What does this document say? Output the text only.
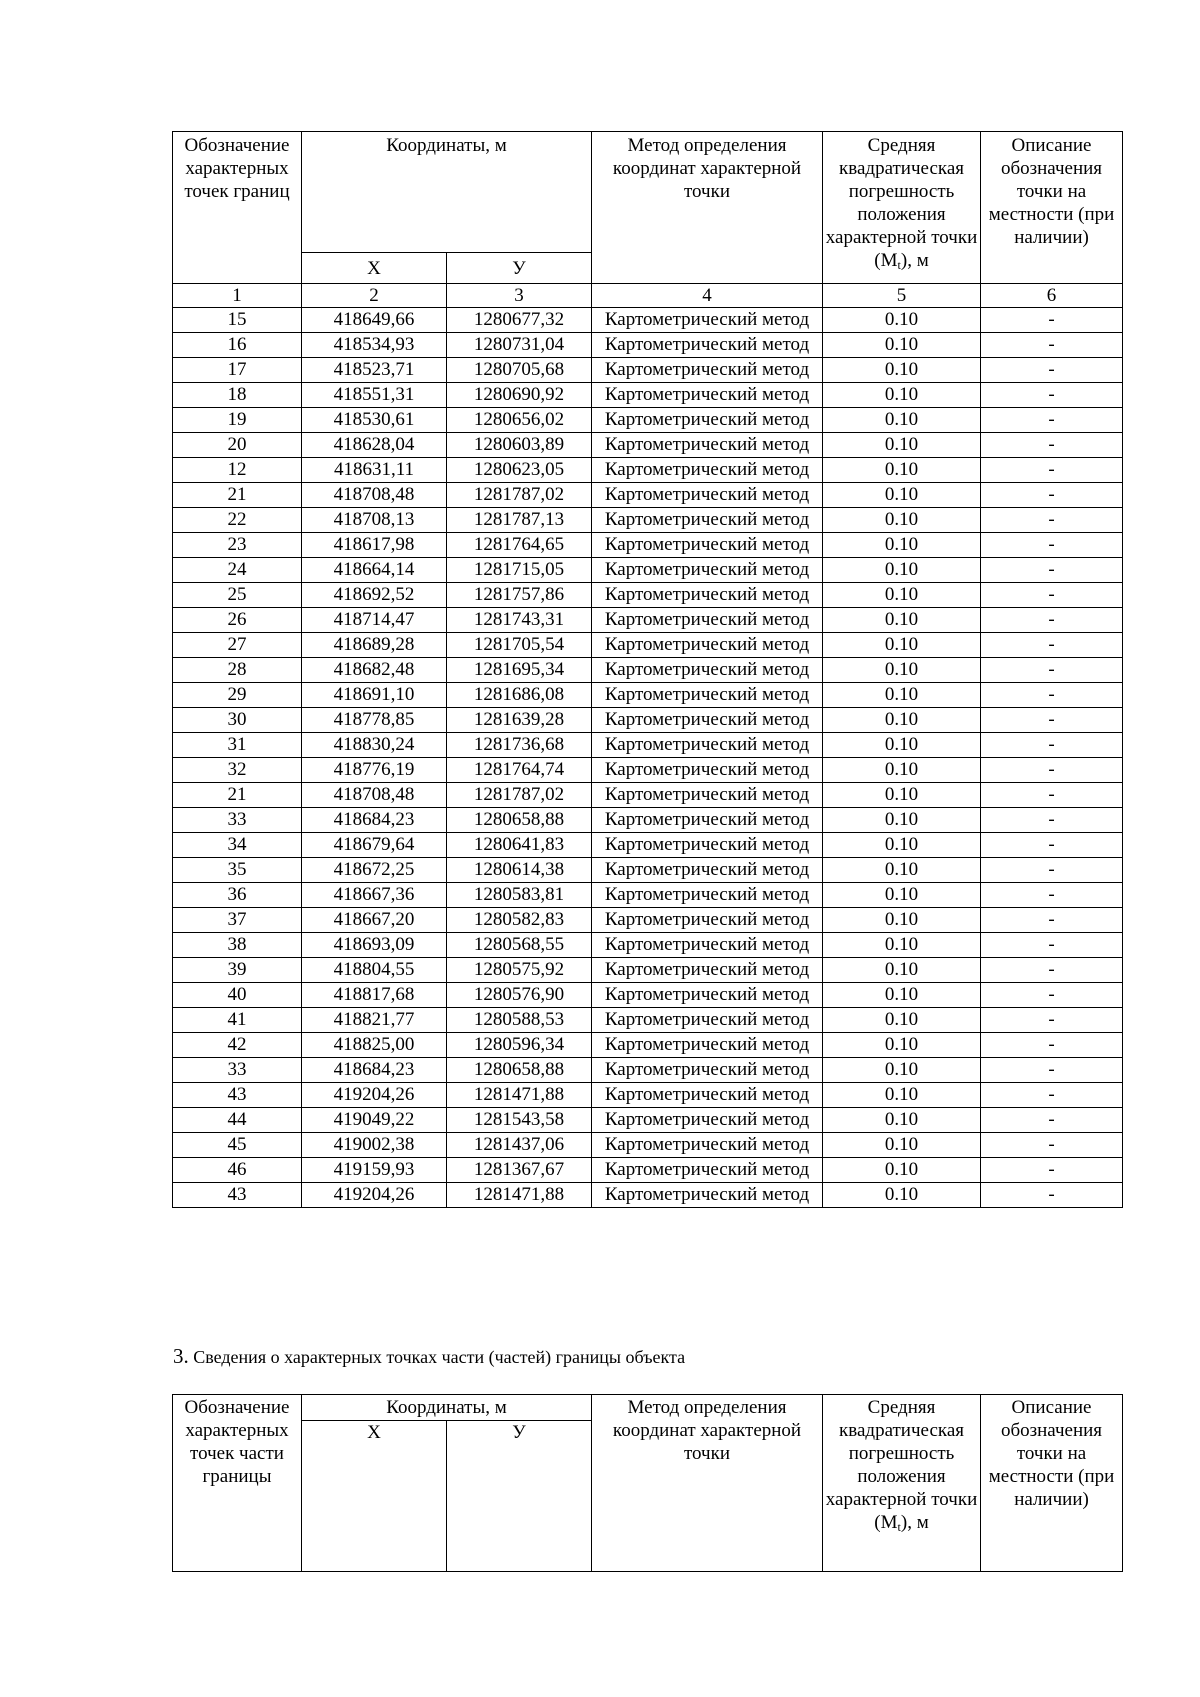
Обозначение характерных точек границ	Координаты, м		Метод определения координат характерной точки	Средняя квадратическая погрешность положения характерной точки $(M_t)$, м	Описание обозначения точки на местности (при наличии)
	Х	У			
1	2	3	4	5	6
15	418649,66	1280677,32	Картометрический метод	0.10	-
16	418534,93	1280731,04	Картометрический метод	0.10	-
17	418523,71	1280705,68	Картометрический метод	0.10	-
18	418551,31	1280690,92	Картометрический метод	0.10	-
19	418530,61	1280656,02	Картометрический метод	0.10	-
20	418628,04	1280603,89	Картометрический метод	0.10	-
12	418631,11	1280623,05	Картометрический метод	0.10	-
21	418708,48	1281787,02	Картометрический метод	0.10	-
22	418708,13	1281787,13	Картометрический метод	0.10	-
23	418617,98	1281764,65	Картометрический метод	0.10	-
24	418664,14	1281715,05	Картометрический метод	0.10	-
25	418692,52	1281757,86	Картометрический метод	0.10	-
26	418714,47	1281743,31	Картометрический метод	0.10	-
27	418689,28	1281705,54	Картометрический метод	0.10	-
28	418682,48	1281695,34	Картометрический метод	0.10	-
29	418691,10	1281686,08	Картометрический метод	0.10	-
30	418778,85	1281639,28	Картометрический метод	0.10	-
31	418830,24	1281736,68	Картометрический метод	0.10	-
32	418776,19	1281764,74	Картометрический метод	0.10	-
21	418708,48	1281787,02	Картометрический метод	0.10	-
33	418684,23	1280658,88	Картометрический метод	0.10	-
34	418679,64	1280641,83	Картометрический метод	0.10	-
35	418672,25	1280614,38	Картометрический метод	0.10	-
36	418667,36	1280583,81	Картометрический метод	0.10	-
37	418667,20	1280582,83	Картометрический метод	0.10	-
38	418693,09	1280568,55	Картометрический метод	0.10	-
39	418804,55	1280575,92	Картометрический метод	0.10	-
40	418817,68	1280576,90	Картометрический метод	0.10	-
41	418821,77	1280588,53	Картометрический метод	0.10	-
42	418825,00	1280596,34	Картометрический метод	0.10	-
33	418684,23	1280658,88	Картометрический метод	0.10	-
43	419204,26	1281471,88	Картометрический метод	0.10	-
44	419049,22	1281543,58	Картометрический метод	0.10	-
45	419002,38	1281437,06	Картометрический метод	0.10	-
46	419159,93	1281367,67	Картометрический метод	0.10	-
43	419204,26	1281471,88	Картометрический метод	0.10	-
3. Сведения о характерных точках части (частей) границы объекта
Обозначение характерных точек части границы	Координаты, м		Метод определения координат характерной точки	Средняя квадратическая погрешность положения характерной точки $(M_t)$, м	Описание обозначения точки на местности (при наличии)
	Х	У			
